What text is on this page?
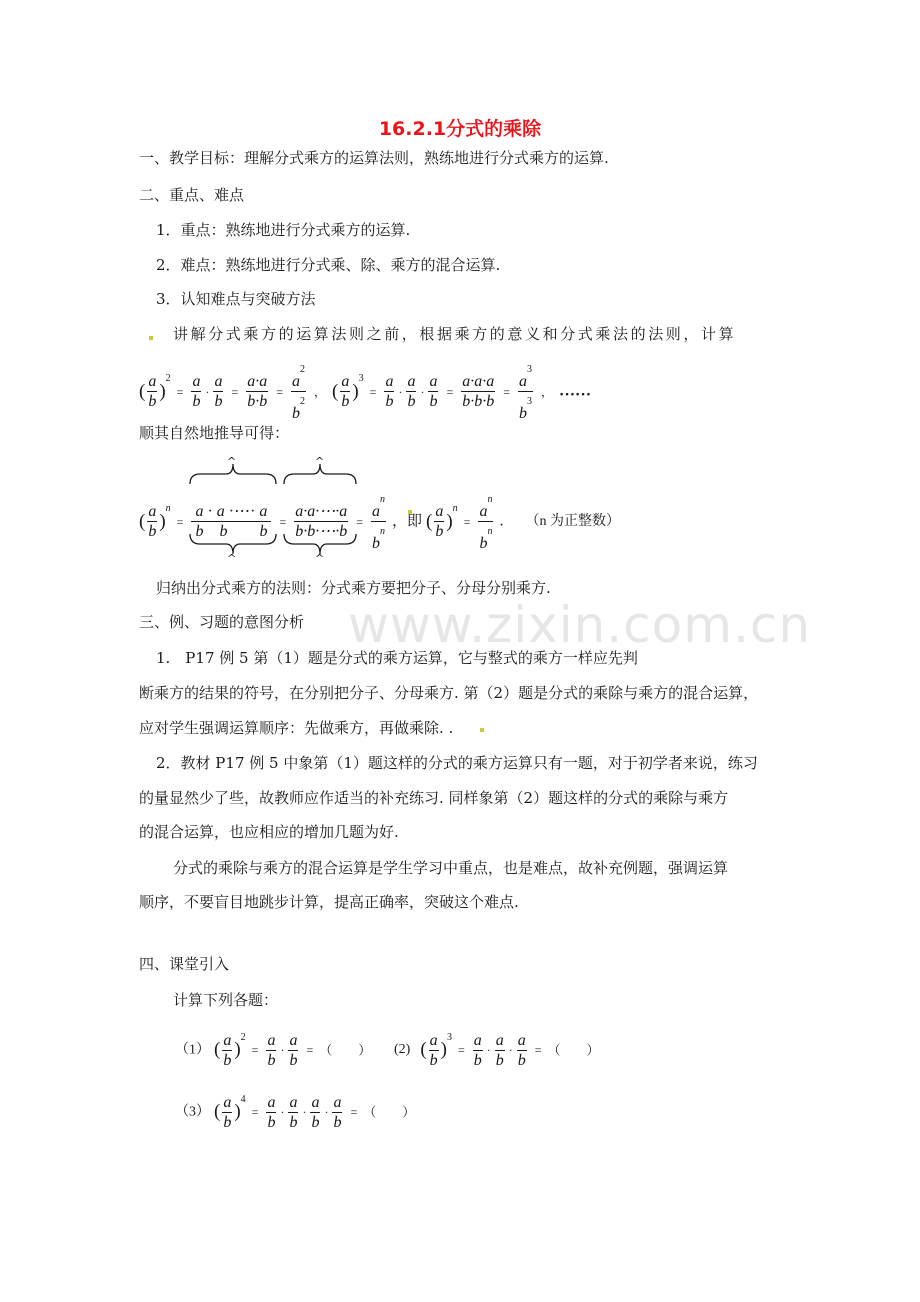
www.zixin.com.cn
16.2.1分式的乘除
一、教学目标：理解分式乘方的运算法则，熟练地进行分式乘方的运算.
二、重点、难点
1．重点：熟练地进行分式乘方的运算.
2．难点：熟练地进行分式乘、除、乘方的混合运算.
3．认知难点与突破方法
讲解分式乘方的运算法则之前，根据乘方的意义和分式乘法的法则，计算
( $\frac{a}{b} )^2 = \frac{a}{b} \cdot \frac{a}{b} = \frac{a\cdot a}{b\cdot b} = \frac{a^2}{b^2}$ ， ( $\frac{a}{b} )^3 = \frac{a}{b} \cdot \frac{a}{b} \cdot \frac{a}{b} = \frac{a\cdot a\cdot a}{b\cdot b\cdot b} = \frac{a^3}{b^3}$ ， ……
顺其自然地推导可得：
^	^
( $\frac{a}{b} )^n = \frac{a \cdot a \cdot\cdots\cdot a}{\text{b  b   b}} = \frac{a\cdot a\cdot\cdots\cdot a}{b\cdot b\cdot\cdots\cdot b} = \frac{a^n}{b^n}$ ，即 ( $\frac{a}{b} )^n = \frac{a^n}{b^n}$ . （n 为正整数）
^	^
归纳出分式乘方的法则：分式乘方要把分子、分母分别乘方.
三、例、习题的意图分析
1.　P17 例 5 第（1）题是分式的乘方运算，它与整式的乘方一样应先判
断乘方的结果的符号，在分别把分子、分母乘方. 第（2）题是分式的乘除与乘方的混合运算，
应对学生强调运算顺序：先做乘方，再做乘除. .
2．教材 P17 例 5 中象第（1）题这样的分式的乘方运算只有一题，对于初学者来说，练习
的量显然少了些，故教师应作适当的补充练习. 同样象第（2）题这样的分式的乘除与乘方
的混合运算，也应相应的增加几题为好.
分式的乘除与乘方的混合运算是学生学习中重点，也是难点，故补充例题，强调运算
顺序，不要盲目地跳步计算，提高正确率，突破这个难点.
四、课堂引入
计算下列各题：
（1） ( $\frac{a}{b} )^2 = \frac{a}{b} \cdot \frac{a}{b}$ = （　　） (2) ( $\frac{a}{b} )^3 = \frac{a}{b} \cdot \frac{a}{b} \cdot \frac{a}{b}$ = （　　）
（3） ( $\frac{a}{b} )^4 = \frac{a}{b} \cdot \frac{a}{b} \cdot \frac{a}{b} \cdot \frac{a}{b}$ = （　　）
